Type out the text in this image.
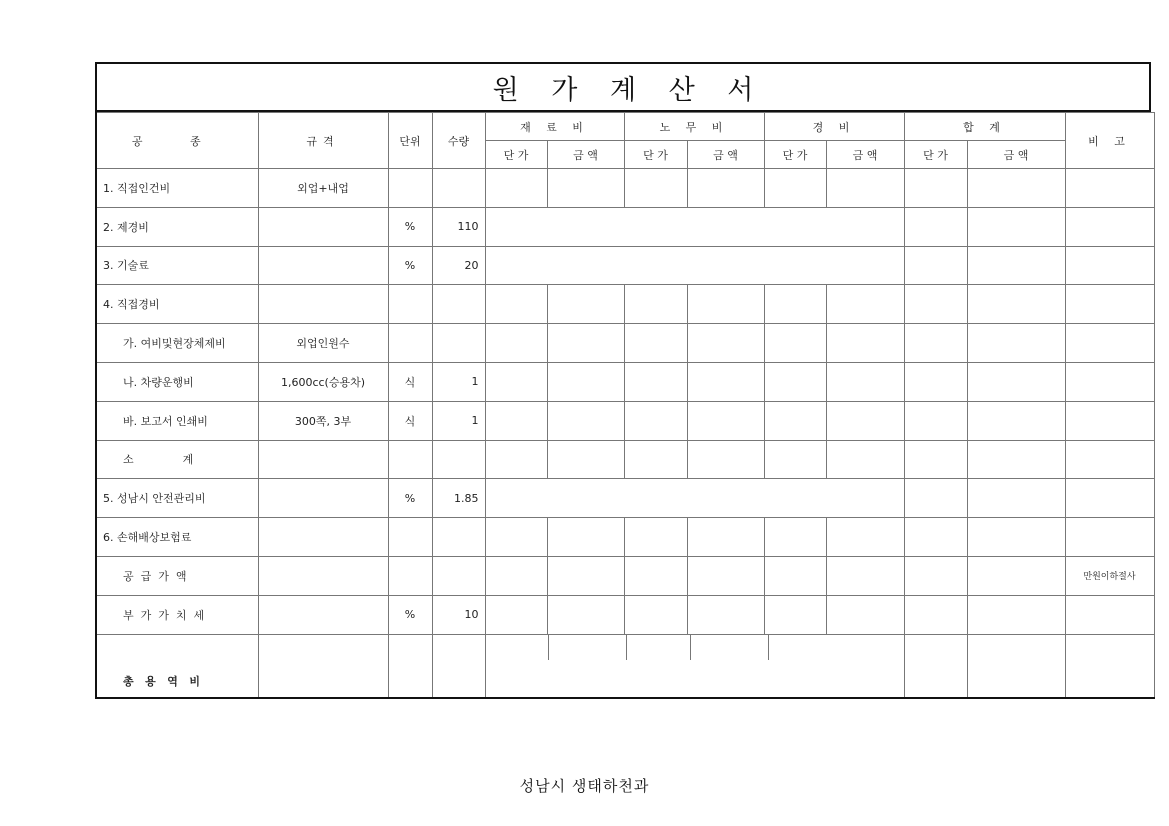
원 가 계 산 서
공 종	규격	단위	수량	재 료 비		노 무 비		경 비		합 계		비 고
				단 가	금 액	단 가	금 액	단 가	금 액	단 가	금 액	
1. 직접인건비	외업+내업											
2. 제경비		%	110									
3. 기술료		%	20									
4. 직접경비												
가. 여비및현장체제비	외업인원수											
나. 차량운행비	1,600cc(승용차)	식	1									
바. 보고서 인쇄비	300쪽, 3부	식	1									
소              계												
5. 성남시 안전관리비		%	1.85									
6. 손해배상보험료												
공  급  가  액												만원이하절사
부  가  가  치  세		%	10									
총   용   역   비									

성남시 생태하천과
